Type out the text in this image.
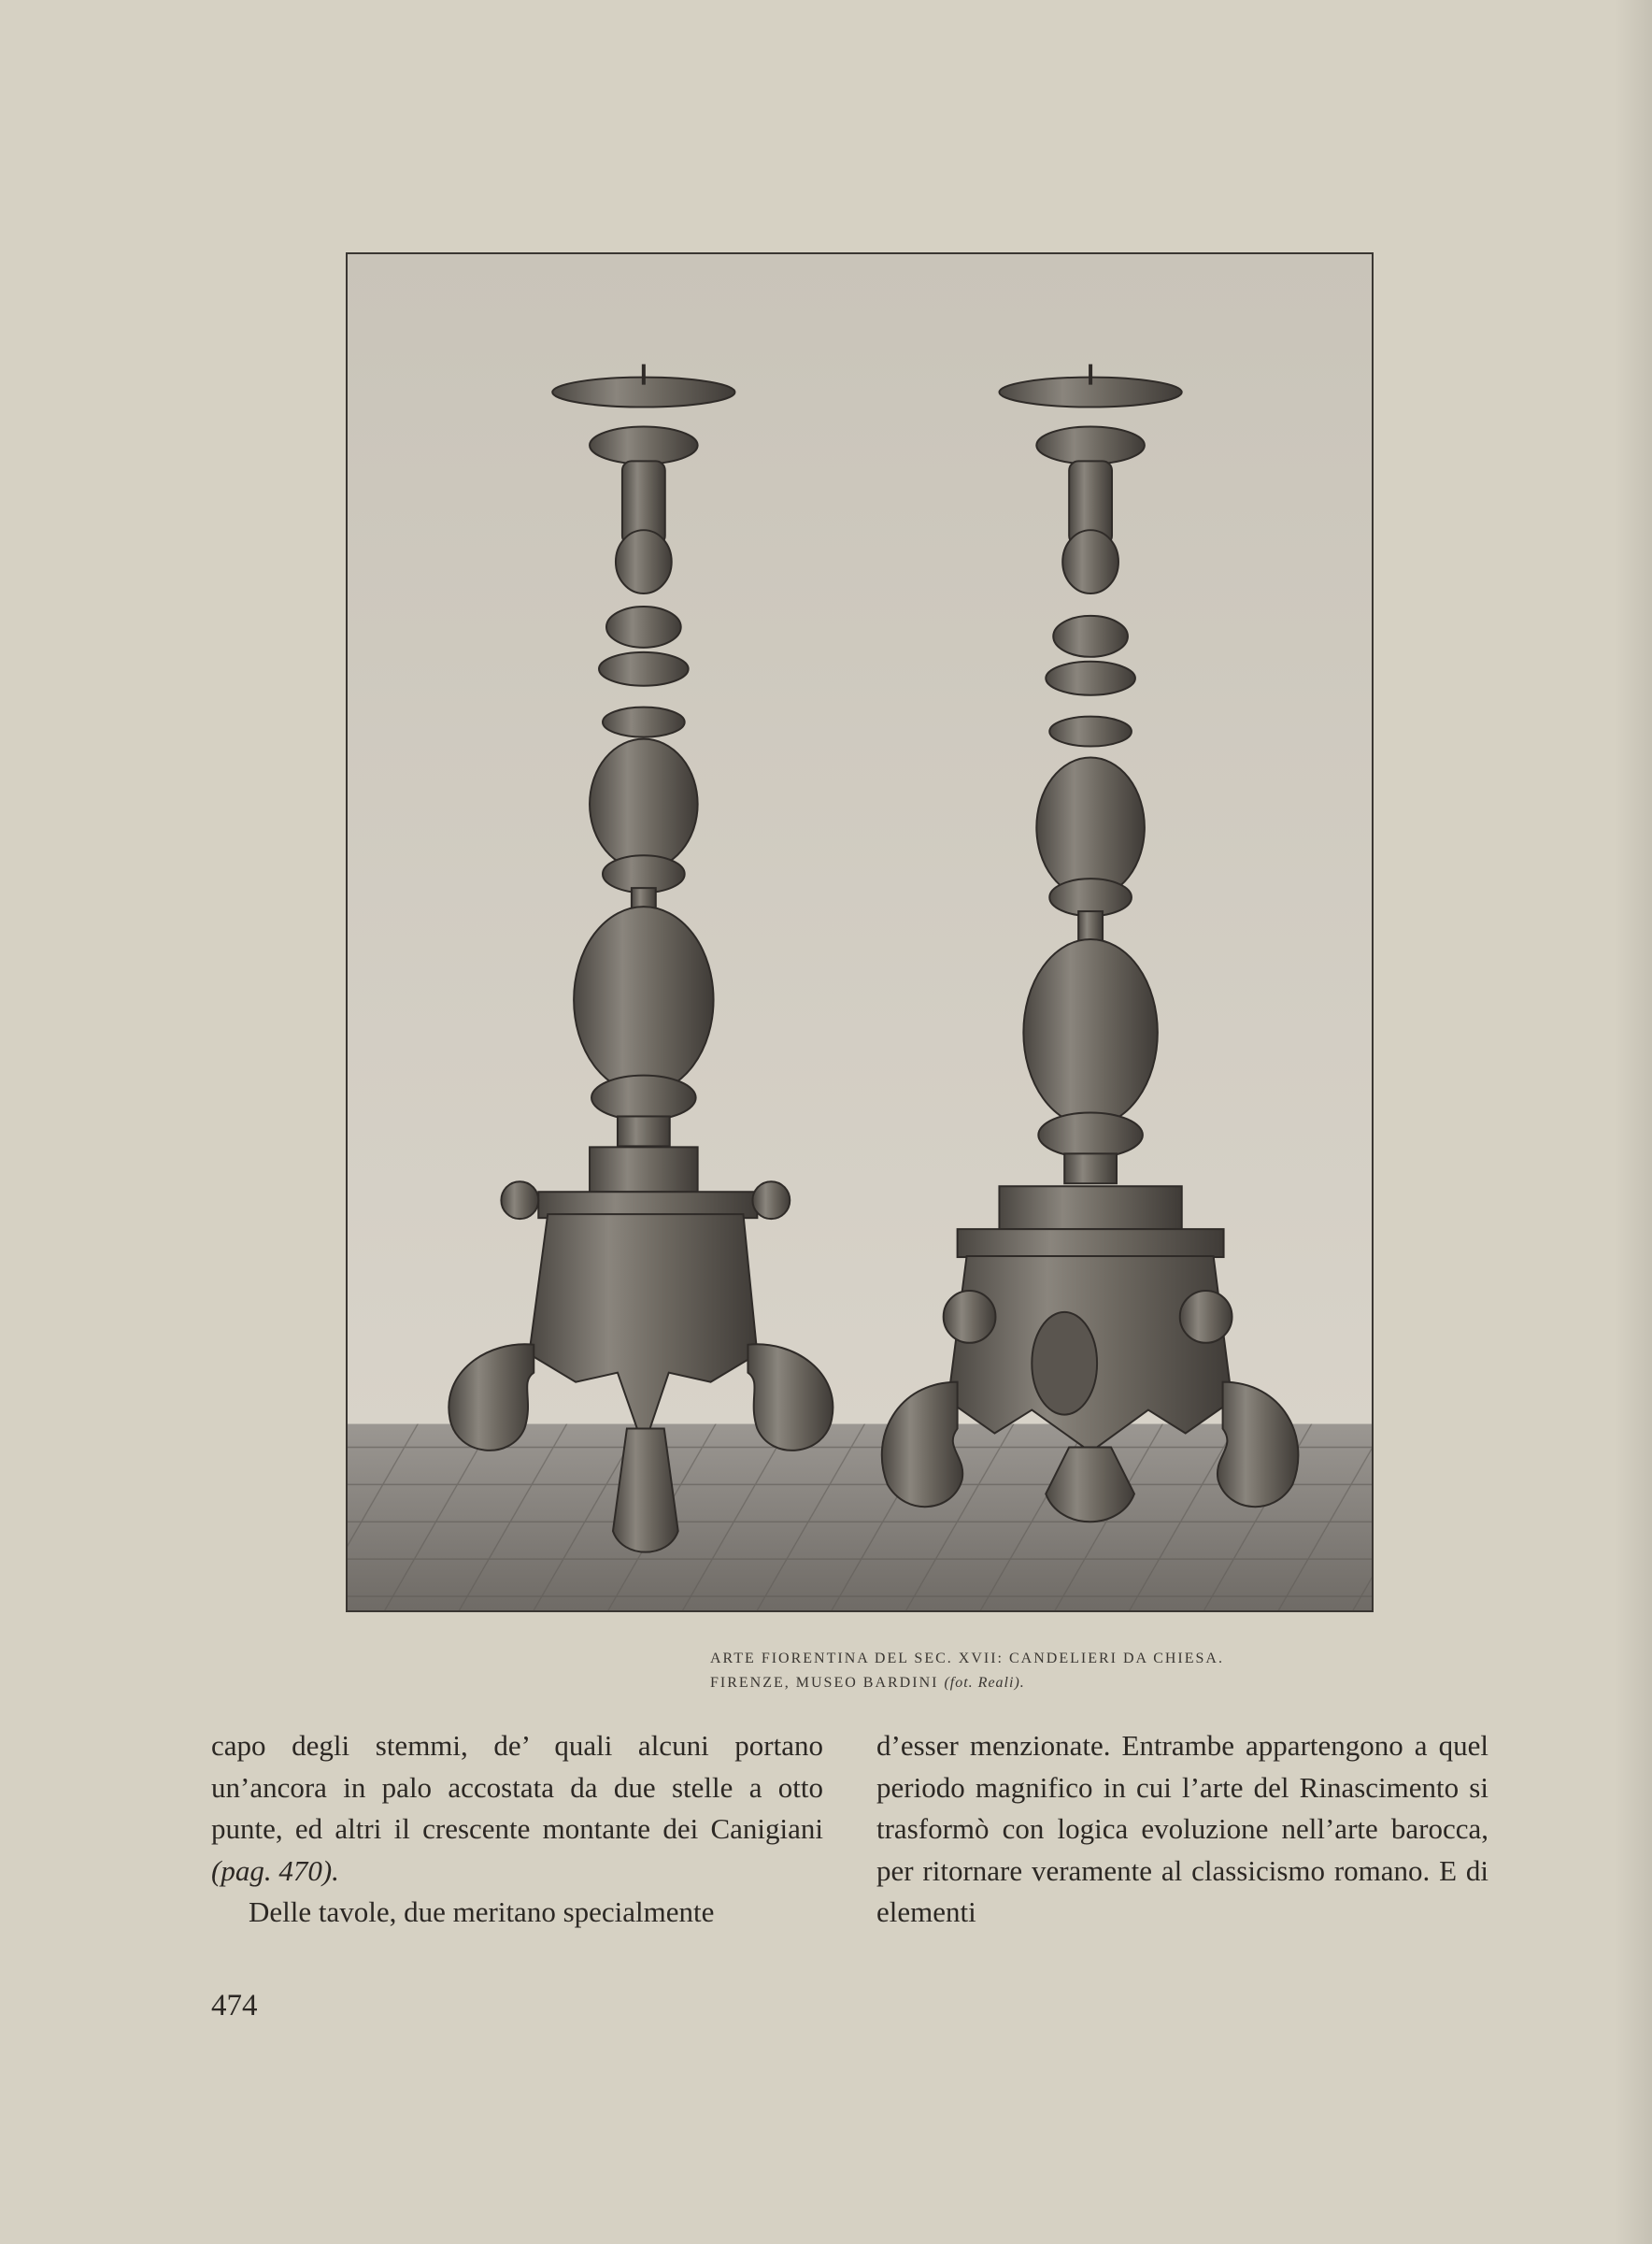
ARTE FIORENTINA DEL SEC. XVII: CANDELIERI DA CHIESA.
FIRENZE, MUSEO BARDINI (fot. Reali).

capo degli stemmi, de’ quali alcuni portano un’ancora in palo accostata da due stelle a otto punte, ed altri il crescente montante dei Canigiani (pag. 470).

Delle tavole, due meritano specialmente

d’esser menzionate. Entrambe appartengono a quel periodo magnifico in cui l’arte del Rinascimento si trasformò con logica evoluzione nell’arte barocca, per ritornare veramente al classicismo romano. E di elementi

474
